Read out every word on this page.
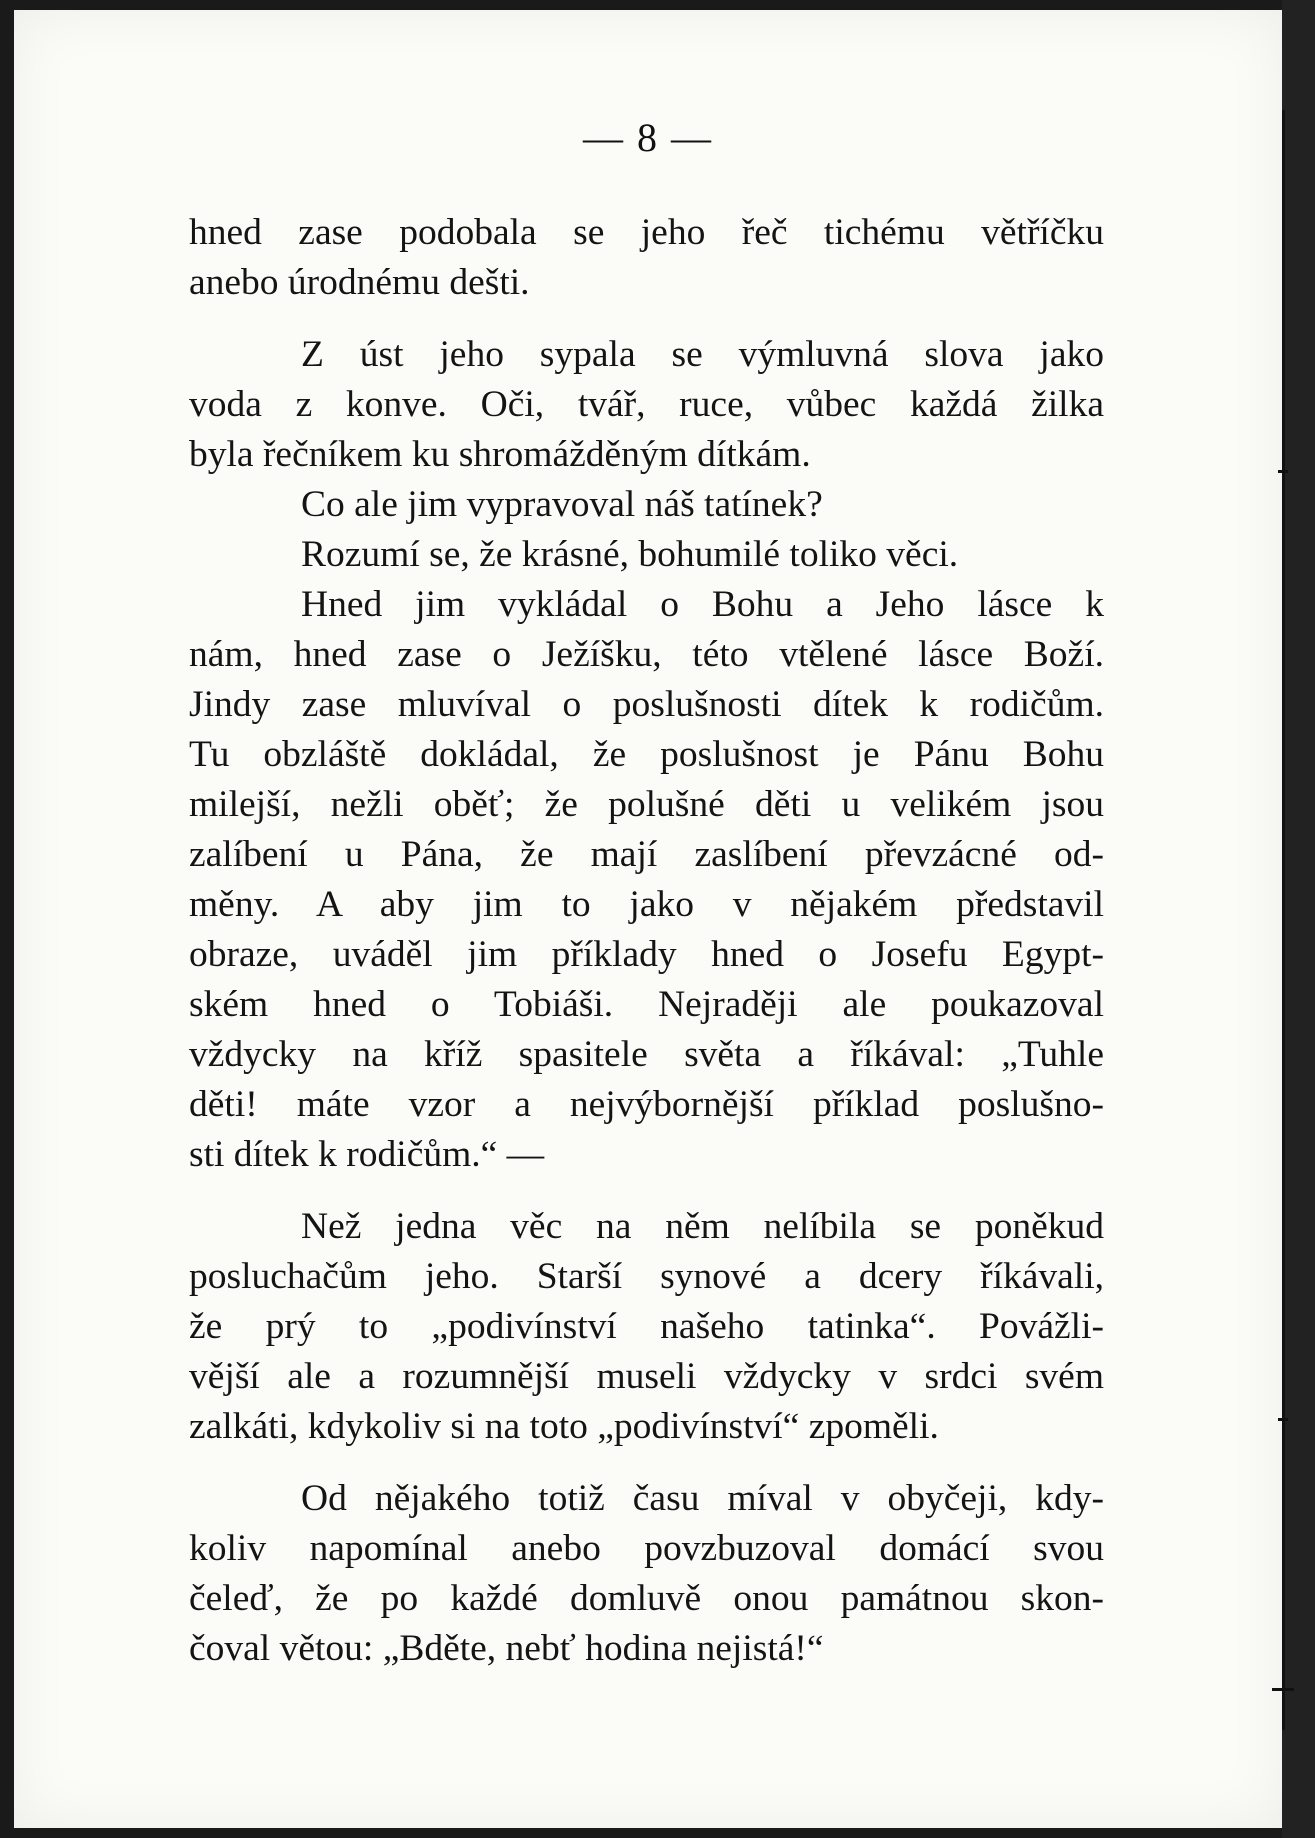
— 8 —
hned zase podobala se jeho řeč tichému větříčku
anebo úrodnému dešti.
Z úst jeho sypala se výmluvná slova jako
voda z konve. Oči, tvář, ruce, vůbec každá žilka
byla řečníkem ku shromážděným dítkám.
Co ale jim vypravoval náš tatínek?
Rozumí se, že krásné, bohumilé toliko věci.
Hned jim vykládal o Bohu a Jeho lásce k
nám, hned zase o Ježíšku, této vtělené lásce Boží.
Jindy zase mluvíval o poslušnosti dítek k rodičům.
Tu obzláště dokládal, že poslušnost je Pánu Bohu
milejší, nežli oběť; že polušné děti u velikém jsou
zalíbení u Pána, že mají zaslíbení převzácné od-
měny. A aby jim to jako v nějakém představil
obraze, uváděl jim příklady hned o Josefu Egypt-
ském hned o Tobiáši. Nejraději ale poukazoval
vždycky na kříž spasitele světa a říkával: „Tuhle
děti! máte vzor a nejvýbornější příklad poslušno-
sti dítek k rodičům.“ —
Než jedna věc na něm nelíbila se poněkud
posluchačům jeho. Starší synové a dcery říkávali,
že prý to „podivínství našeho tatinka“. Povážli-
vější ale a rozumnější museli vždycky v srdci svém
zalkáti, kdykoliv si na toto „podivínství“ zpoměli.
Od nějakého totiž času míval v obyčeji, kdy-
koliv napomínal anebo povzbuzoval domácí svou
čeleď, že po každé domluvě onou památnou skon-
čoval větou: „Bděte, nebť hodina nejistá!“
